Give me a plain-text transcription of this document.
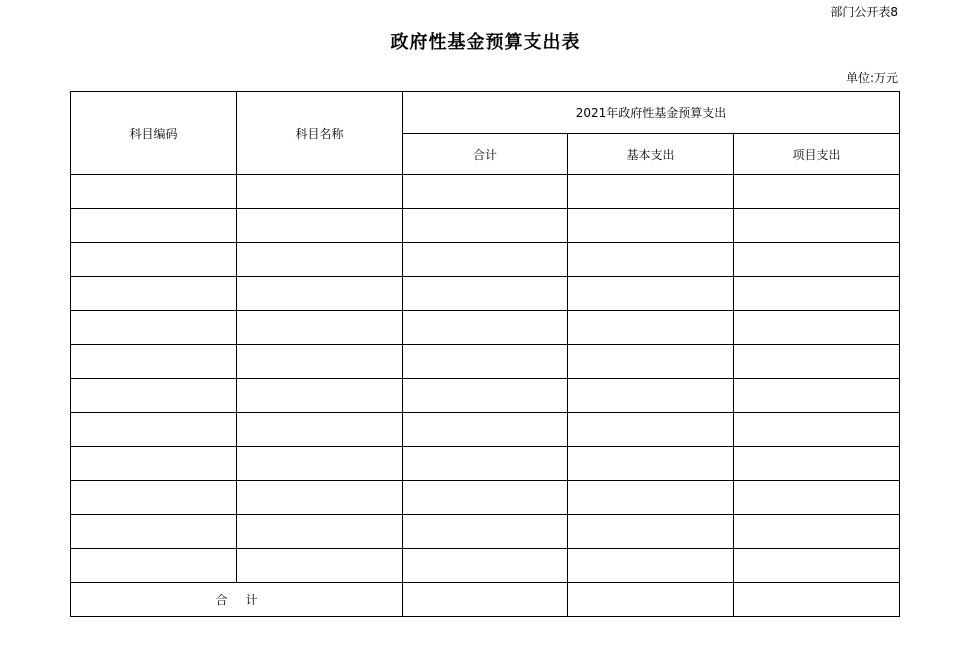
部门公开表8
政府性基金预算支出表
单位:万元
科目编码	科目名称	2021年政府性基金预算支出		
		合计	基本支出	项目支出

合计				
